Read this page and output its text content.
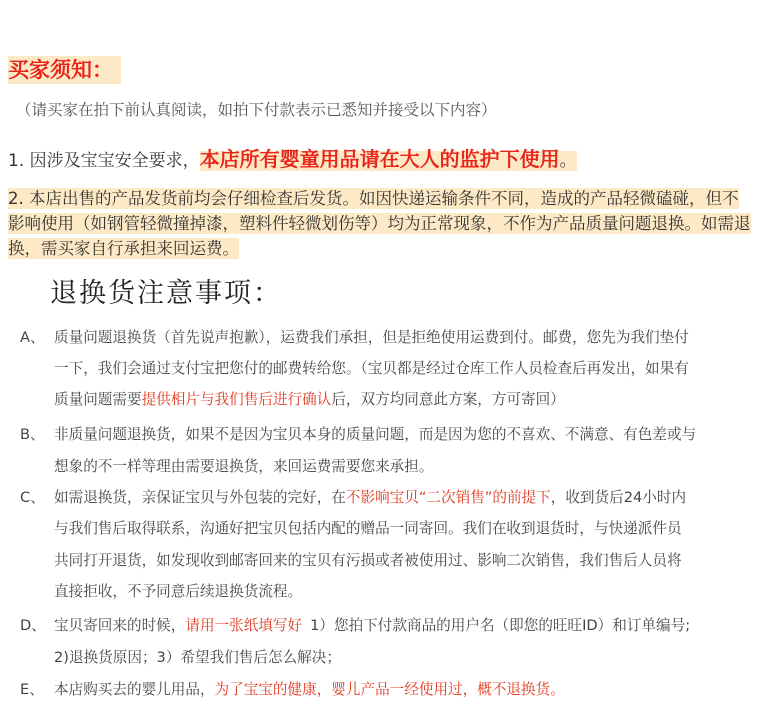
买家须知：
（请买家在拍下前认真阅读，如拍下付款表示已悉知并接受以下内容）
1. 因涉及宝宝安全要求，本店所有婴童用品请在大人的监护下使用。
2. 本店出售的产品发货前均会仔细检查后发货。如因快递运输条件不同，造成的产品轻微磕碰，但不影响使用（如钢管轻微撞掉漆，塑料件轻微划伤等）均为正常现象，不作为产品质量问题退换。如需退换，需买家自行承担来回运费。
退换货注意事项：
A、 质量问题退换货（首先说声抱歉），运费我们承担，但是拒绝使用运费到付。邮费，您先为我们垫付
一下，我们会通过支付宝把您付的邮费转给您。（宝贝都是经过仓库工作人员检查后再发出，如果有
质量问题需要提供相片与我们售后进行确认后，双方均同意此方案，方可寄回）
B、 非质量问题退换货，如果不是因为宝贝本身的质量问题，而是因为您的不喜欢、不满意、有色差或与
想象的不一样等理由需要退换货，来回运费需要您来承担。
C、 如需退换货，亲保证宝贝与外包装的完好，在不影响宝贝“二次销售”的前提下，收到货后24小时内
与我们售后取得联系，沟通好把宝贝包括内配的赠品一同寄回。我们在收到退货时，与快递派件员
共同打开退货，如发现收到邮寄回来的宝贝有污损或者被使用过、影响二次销售，我们售后人员将
直接拒收，不予同意后续退换货流程。
D、 宝贝寄回来的时候，请用一张纸填写好 1）您拍下付款商品的用户名（即您的旺旺ID）和订单编号;
2)退换货原因；3）希望我们售后怎么解决；
E、 本店购买去的婴儿用品，为了宝宝的健康，婴儿产品一经使用过，概不退换货。
